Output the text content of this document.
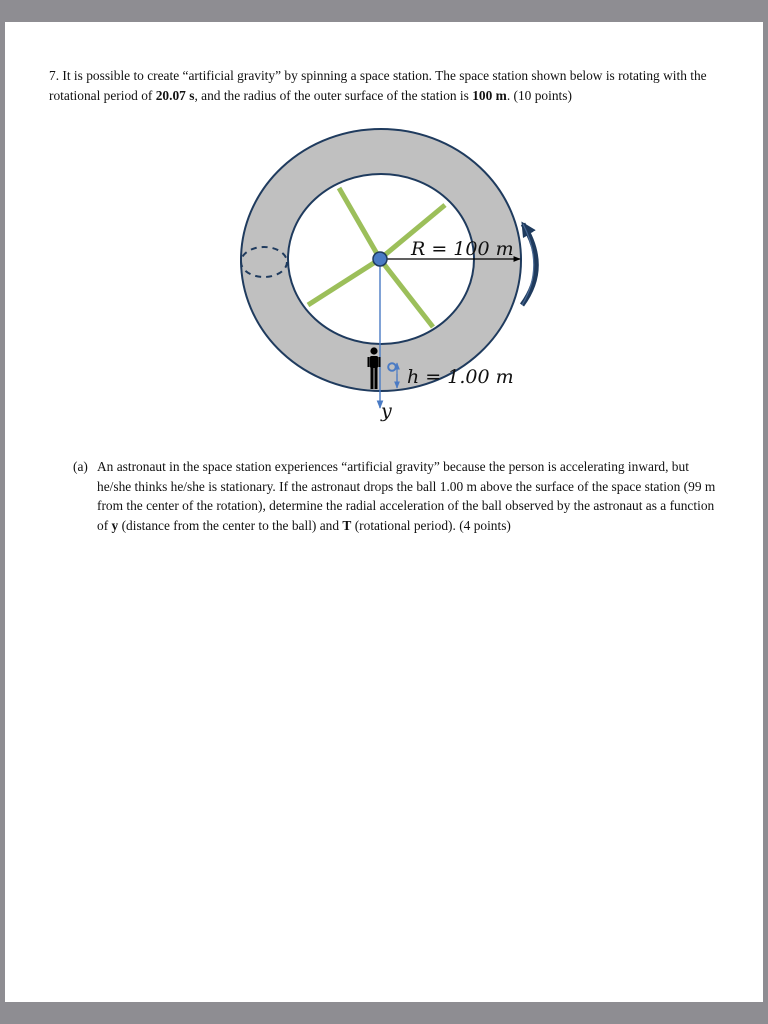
7. It is possible to create “artificial gravity” by spinning a space station. The space station shown below is rotating with the rotational period of 20.07 s, and the radius of the outer surface of the station is 100 m. (10 points)
R = 100 m
h = 1.00 m
y
(a) An astronaut in the space station experiences “artificial gravity” because the person is accelerating inward, but he/she thinks he/she is stationary. If the astronaut drops the ball 1.00 m above the surface of the space station (99 m from the center of the rotation), determine the radial acceleration of the ball observed by the astronaut as a function of y (distance from the center to the ball) and T (rotational period). (4 points)
